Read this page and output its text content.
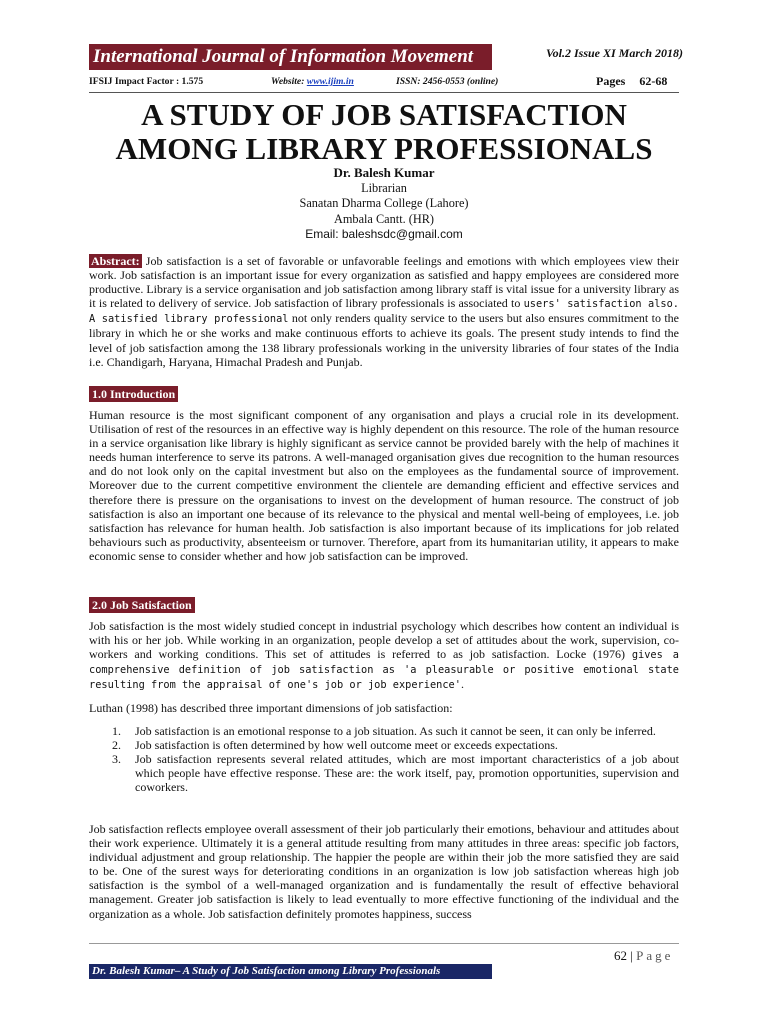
International Journal of Information Movement	Vol.2 Issue XI March 2018)
IFSIJ Impact Factor : 1.575	Website: www.ijim.in	ISSN: 2456-0553 (online)	Pages 62-68
A STUDY OF JOB SATISFACTION AMONG LIBRARY PROFESSIONALS
Dr. Balesh Kumar
Librarian
Sanatan Dharma College (Lahore)
Ambala Cantt. (HR)
Email: baleshsdc@gmail.com

Abstract: Job satisfaction is a set of favorable or unfavorable feelings and emotions with which employees view their work. Job satisfaction is an important issue for every organization as satisfied and happy employees are considered more productive. Library is a service organisation and job satisfaction among library staff is vital issue for a university library as it is related to delivery of service. Job satisfaction of library professionals is associated to users' satisfaction also. A satisfied library professional not only renders quality service to the users but also ensures commitment to the library in which he or she works and make continuous efforts to achieve its goals. The present study intends to find the level of job satisfaction among the 138 library professionals working in the university libraries of four states of the India i.e. Chandigarh, Haryana, Himachal Pradesh and Punjab.

1.0 Introduction

Human resource is the most significant component of any organisation and plays a crucial role in its development. Utilisation of rest of the resources in an effective way is highly dependent on this resource. The role of the human resource in a service organisation like library is highly significant as service cannot be provided barely with the help of machines it needs human interference to serve its patrons. A well-managed organisation gives due recognition to the human resources and do not look only on the capital investment but also on the employees as the fundamental source of improvement. Moreover due to the current competitive environment the clientele are demanding efficient and effective services and therefore there is pressure on the organisations to invest on the development of human resource. The construct of job satisfaction is also an important one because of its relevance to the physical and mental well-being of employees, i.e. job satisfaction has relevance for human health. Job satisfaction is also important because of its implications for job related behaviours such as productivity, absenteeism or turnover. Therefore, apart from its humanitarian utility, it appears to make economic sense to consider whether and how job satisfaction can be improved.

2.0 Job Satisfaction

Job satisfaction is the most widely studied concept in industrial psychology which describes how content an individual is with his or her job. While working in an organization, people develop a set of attitudes about the work, supervision, co-workers and working conditions. This set of attitudes is referred to as job satisfaction. Locke (1976) gives a comprehensive definition of job satisfaction as 'a pleasurable or positive emotional state resulting from the appraisal of one's job or job experience'.

Luthan (1998) has described three important dimensions of job satisfaction:

1. Job satisfaction is an emotional response to a job situation. As such it cannot be seen, it can only be inferred.
2. Job satisfaction is often determined by how well outcome meet or exceeds expectations.
3. Job satisfaction represents several related attitudes, which are most important characteristics of a job about which people have effective response. These are: the work itself, pay, promotion opportunities, supervision and coworkers.

Job satisfaction reflects employee overall assessment of their job particularly their emotions, behaviour and attitudes about their work experience. Ultimately it is a general attitude resulting from many attitudes in three areas: specific job factors, individual adjustment and group relationship. The happier the people are within their job the more satisfied they are said to be. One of the surest ways for deteriorating conditions in an organization is low job satisfaction whereas high job satisfaction is the symbol of a well-managed organization and is fundamentally the result of effective behavioral management. Greater job satisfaction is likely to lead eventually to more effective functioning of the individual and the organization as a whole. Job satisfaction definitely promotes happiness, success

62 | Page
Dr. Balesh Kumar– A Study of Job Satisfaction among Library Professionals
